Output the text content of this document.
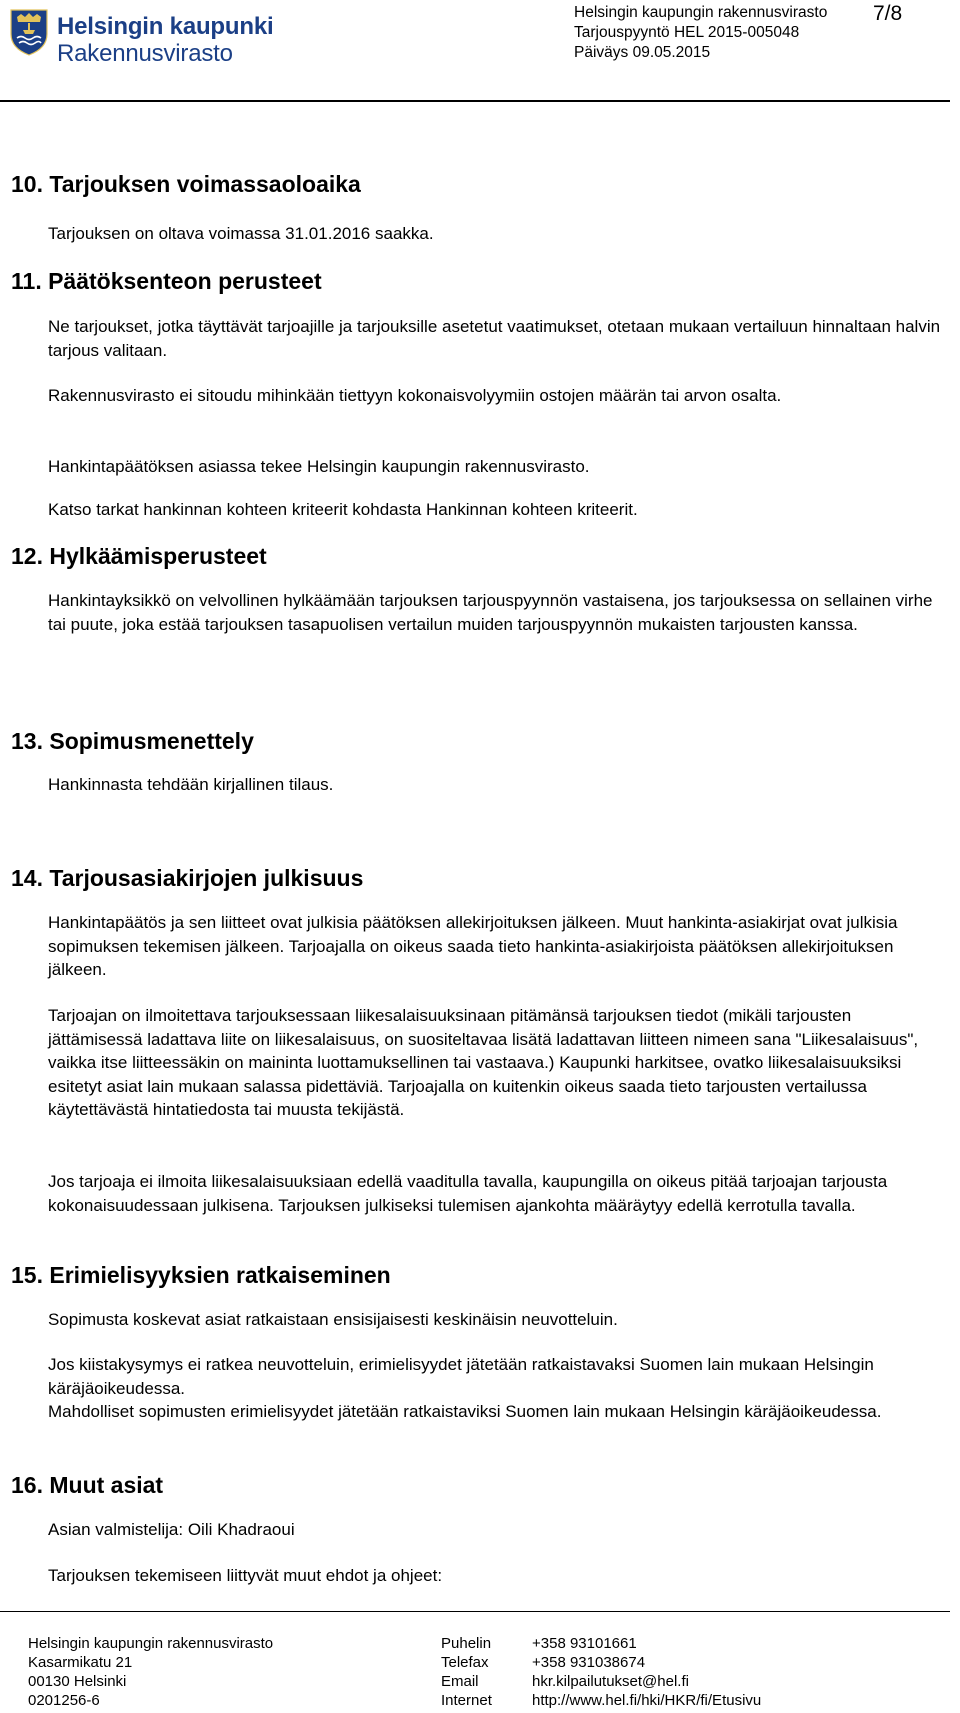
Helsingin kaupunki
Rakennusvirasto
Helsingin kaupungin rakennusvirasto
Tarjouspyyntö HEL 2015-005048
Päiväys 09.05.2015
7/8
10. Tarjouksen voimassaoloaika
Tarjouksen on oltava voimassa 31.01.2016 saakka.
11. Päätöksenteon perusteet
Ne tarjoukset, jotka täyttävät tarjoajille ja tarjouksille asetetut vaatimukset, otetaan mukaan vertailuun hinnaltaan halvin tarjous valitaan.
Rakennusvirasto ei sitoudu mihinkään tiettyyn kokonaisvolyymiin ostojen määrän tai arvon osalta.
Hankintapäätöksen asiassa tekee Helsingin kaupungin rakennusvirasto.
Katso tarkat hankinnan kohteen kriteerit kohdasta Hankinnan kohteen kriteerit.
12. Hylkäämisperusteet
Hankintayksikkö on velvollinen hylkäämään tarjouksen tarjouspyynnön vastaisena, jos tarjouksessa on sellainen virhe tai puute, joka estää tarjouksen tasapuolisen vertailun muiden tarjouspyynnön mukaisten tarjousten kanssa.
13. Sopimusmenettely
Hankinnasta tehdään kirjallinen tilaus.
14. Tarjousasiakirjojen julkisuus
Hankintapäätös ja sen liitteet ovat julkisia päätöksen allekirjoituksen jälkeen. Muut hankinta-asiakirjat ovat julkisia sopimuksen tekemisen jälkeen. Tarjoajalla on oikeus saada tieto hankinta-asiakirjoista päätöksen allekirjoituksen jälkeen.
Tarjoajan on ilmoitettava tarjouksessaan liikesalaisuuksinaan pitämänsä tarjouksen tiedot (mikäli tarjousten jättämisessä ladattava liite on liikesalaisuus, on suositeltavaa lisätä ladattavan liitteen nimeen sana "Liikesalaisuus", vaikka itse liitteessäkin on maininta luottamuksellinen tai vastaava.) Kaupunki harkitsee, ovatko liikesalaisuuksiksi esitetyt asiat lain mukaan salassa pidettäviä. Tarjoajalla on kuitenkin oikeus saada tieto tarjousten vertailussa käytettävästä hintatiedosta tai muusta tekijästä.
Jos tarjoaja ei ilmoita liikesalaisuuksiaan edellä vaaditulla tavalla, kaupungilla on oikeus pitää tarjoajan tarjousta kokonaisuudessaan julkisena. Tarjouksen julkiseksi tulemisen ajankohta määräytyy edellä kerrotulla tavalla.
15. Erimielisyyksien ratkaiseminen
Sopimusta koskevat asiat ratkaistaan ensisijaisesti keskinäisin neuvotteluin.
Jos kiistakysymys ei ratkea neuvotteluin, erimielisyydet jätetään ratkaistavaksi Suomen lain mukaan Helsingin käräjäoikeudessa.
Mahdolliset sopimusten erimielisyydet jätetään ratkaistaviksi Suomen lain mukaan Helsingin käräjäoikeudessa.
16. Muut asiat
Asian valmistelija: Oili Khadraoui
Tarjouksen tekemiseen liittyvät muut ehdot ja ohjeet:
Helsingin kaupungin rakennusvirasto
Kasarmikatu 21
00130 Helsinki
0201256-6
Puhelin
Telefax
Email
Internet
+358 93101661
+358 931038674
hkr.kilpailutukset@hel.fi
http://www.hel.fi/hki/HKR/fi/Etusivu
